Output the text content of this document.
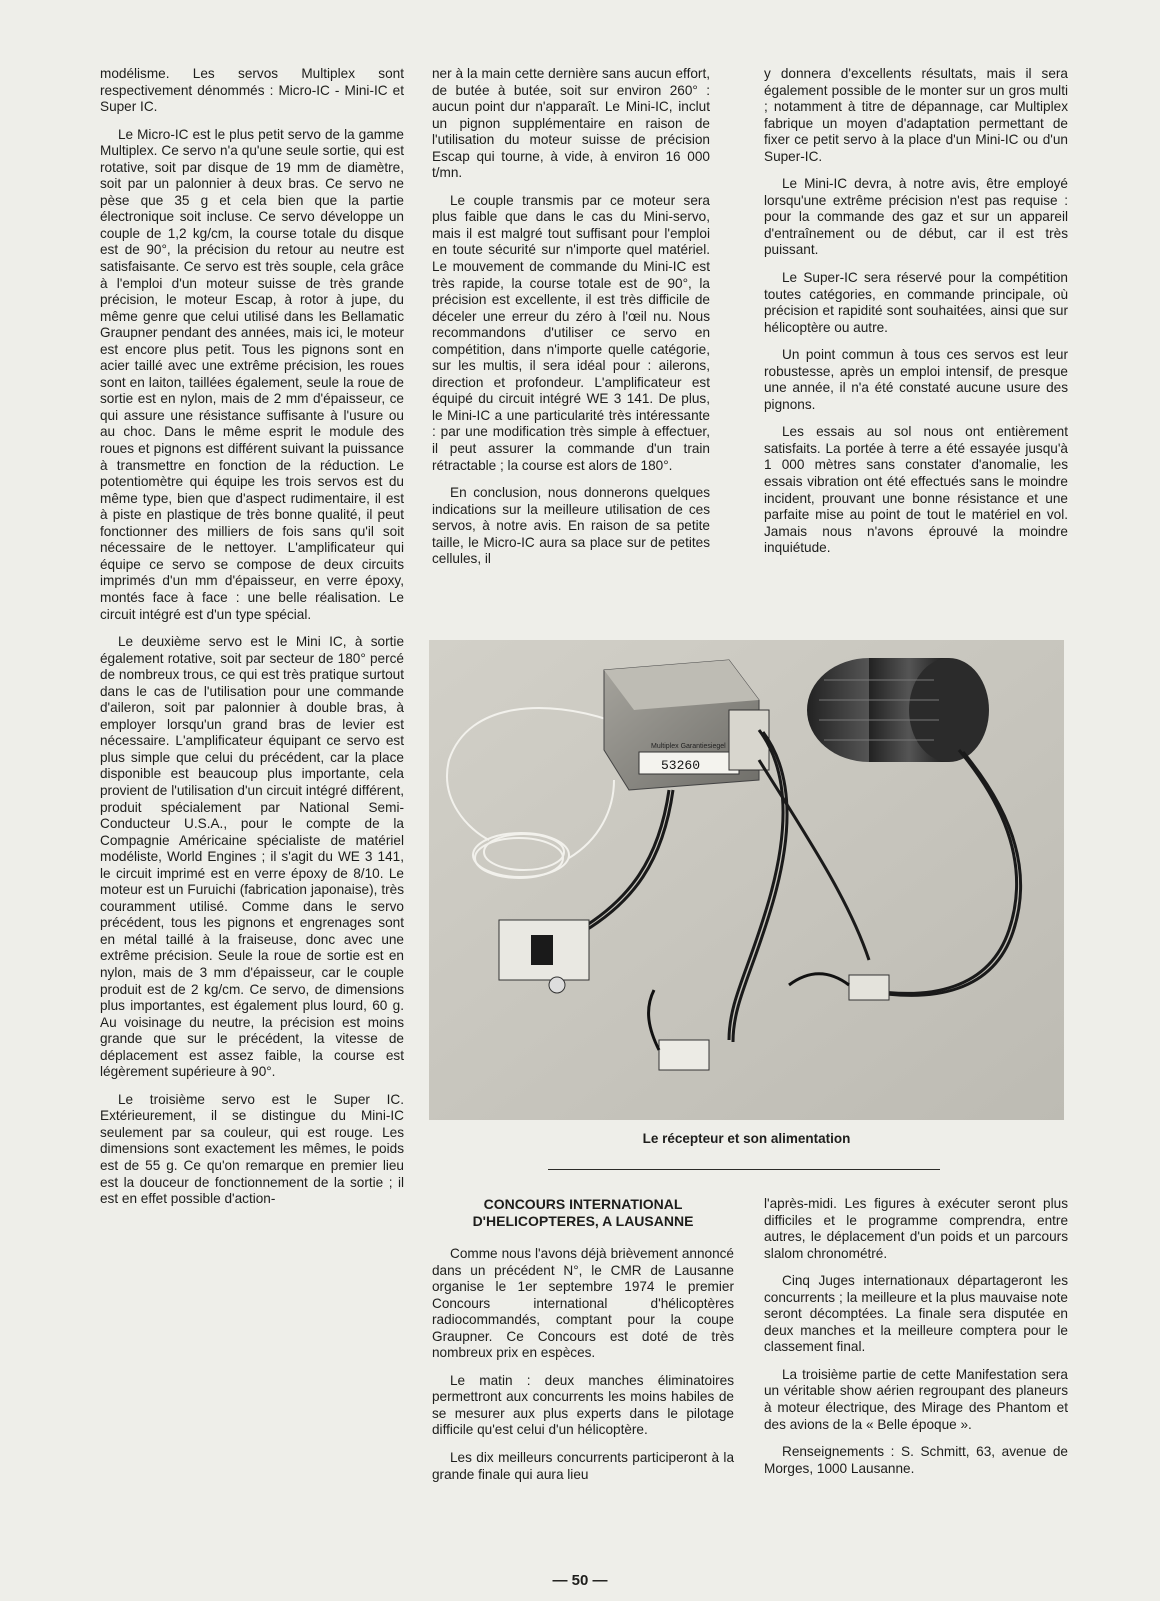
modélisme. Les servos Multiplex sont respectivement dénommés : Micro-IC - Mini-IC et Super IC.

Le Micro-IC est le plus petit servo de la gamme Multiplex. Ce servo n'a qu'une seule sortie, qui est rotative, soit par disque de 19 mm de diamètre, soit par un palonnier à deux bras. Ce servo ne pèse que 35 g et cela bien que la partie électronique soit incluse. Ce servo développe un couple de 1,2 kg/cm, la course totale du disque est de 90°, la précision du retour au neutre est satisfaisante. Ce servo est très souple, cela grâce à l'emploi d'un moteur suisse de très grande précision, le moteur Escap, à rotor à jupe, du même genre que celui utilisé dans les Bellamatic Graupner pendant des années, mais ici, le moteur est encore plus petit. Tous les pignons sont en acier taillé avec une extrême précision, les roues sont en laiton, taillées également, seule la roue de sortie est en nylon, mais de 2 mm d'épaisseur, ce qui assure une résistance suffisante à l'usure ou au choc. Dans le même esprit le module des roues et pignons est différent suivant la puissance à transmettre en fonction de la réduction. Le potentiomètre qui équipe les trois servos est du même type, bien que d'aspect rudimentaire, il est à piste en plastique de très bonne qualité, il peut fonctionner des milliers de fois sans qu'il soit nécessaire de le nettoyer. L'amplificateur qui équipe ce servo se compose de deux circuits imprimés d'un mm d'épaisseur, en verre époxy, montés face à face : une belle réalisation. Le circuit intégré est d'un type spécial.

Le deuxième servo est le Mini IC, à sortie également rotative, soit par secteur de 180° percé de nombreux trous, ce qui est très pratique surtout dans le cas de l'utilisation pour une commande d'aileron, soit par palonnier à double bras, à employer lorsqu'un grand bras de levier est nécessaire. L'amplificateur équipant ce servo est plus simple que celui du précédent, car la place disponible est beaucoup plus importante, cela provient de l'utilisation d'un circuit intégré différent, produit spécialement par National Semi-Conducteur U.S.A., pour le compte de la Compagnie Américaine spécialiste de matériel modéliste, World Engines ; il s'agit du WE 3 141, le circuit imprimé est en verre époxy de 8/10. Le moteur est un Furuichi (fabrication japonaise), très couramment utilisé. Comme dans le servo précédent, tous les pignons et engrenages sont en métal taillé à la fraiseuse, donc avec une extrême précision. Seule la roue de sortie est en nylon, mais de 3 mm d'épaisseur, car le couple produit est de 2 kg/cm. Ce servo, de dimensions plus importantes, est également plus lourd, 60 g. Au voisinage du neutre, la précision est moins grande que sur le précédent, la vitesse de déplacement est assez faible, la course est légèrement supérieure à 90°.

Le troisième servo est le Super IC. Extérieurement, il se distingue du Mini-IC seulement par sa couleur, qui est rouge. Les dimensions sont exactement les mêmes, le poids est de 55 g. Ce qu'on remarque en premier lieu est la douceur de fonctionnement de la sortie ; il est en effet possible d'action-

ner à la main cette dernière sans aucun effort, de butée à butée, soit sur environ 260° : aucun point dur n'apparaît. Le Mini-IC, inclut un pignon supplémentaire en raison de l'utilisation du moteur suisse de précision Escap qui tourne, à vide, à environ 16 000 t/mn.

Le couple transmis par ce moteur sera plus faible que dans le cas du Mini-servo, mais il est malgré tout suffisant pour l'emploi en toute sécurité sur n'importe quel matériel. Le mouvement de commande du Mini-IC est très rapide, la course totale est de 90°, la précision est excellente, il est très difficile de déceler une erreur du zéro à l'œil nu. Nous recommandons d'utiliser ce servo en compétition, dans n'importe quelle catégorie, sur les multis, il sera idéal pour : ailerons, direction et profondeur. L'amplificateur est équipé du circuit intégré WE 3 141. De plus, le Mini-IC a une particularité très intéressante : par une modification très simple à effectuer, il peut assurer la commande d'un train rétractable ; la course est alors de 180°.

En conclusion, nous donnerons quelques indications sur la meilleure utilisation de ces servos, à notre avis. En raison de sa petite taille, le Micro-IC aura sa place sur de petites cellules, il

y donnera d'excellents résultats, mais il sera également possible de le monter sur un gros multi ; notamment à titre de dépannage, car Multiplex fabrique un moyen d'adaptation permettant de fixer ce petit servo à la place d'un Mini-IC ou d'un Super-IC.

Le Mini-IC devra, à notre avis, être employé lorsqu'une extrême précision n'est pas requise : pour la commande des gaz et sur un appareil d'entraînement ou de début, car il est très puissant.

Le Super-IC sera réservé pour la compétition toutes catégories, en commande principale, où précision et rapidité sont souhaitées, ainsi que sur hélicoptère ou autre.

Un point commun à tous ces servos est leur robustesse, après un emploi intensif, de presque une année, il n'a été constaté aucune usure des pignons.

Les essais au sol nous ont entièrement satisfaits. La portée à terre a été essayée jusqu'à 1 000 mètres sans constater d'anomalie, les essais vibration ont été effectués sans le moindre incident, prouvant une bonne résistance et une parfaite mise au point de tout le matériel en vol. Jamais nous n'avons éprouvé la moindre inquiétude.

Multiplex Garantiesiegel
53260
Le récepteur et son alimentation
CONCOURS INTERNATIONAL
D'HELICOPTERES, A LAUSANNE

Comme nous l'avons déjà brièvement annoncé dans un précédent N°, le CMR de Lausanne organise le 1er septembre 1974 le premier Concours international d'hélicoptères radiocommandés, comptant pour la coupe Graupner. Ce Concours est doté de très nombreux prix en espèces.

Le matin : deux manches éliminatoires permettront aux concurrents les moins habiles de se mesurer aux plus experts dans le pilotage difficile qu'est celui d'un hélicoptère.

Les dix meilleurs concurrents participeront à la grande finale qui aura lieu

l'après-midi. Les figures à exécuter seront plus difficiles et le programme comprendra, entre autres, le déplacement d'un poids et un parcours slalom chronométré.

Cinq Juges internationaux départageront les concurrents ; la meilleure et la plus mauvaise note seront décomptées. La finale sera disputée en deux manches et la meilleure comptera pour le classement final.

La troisième partie de cette Manifestation sera un véritable show aérien regroupant des planeurs à moteur électrique, des Mirage des Phantom et des avions de la « Belle époque ».

Renseignements : S. Schmitt, 63, avenue de Morges, 1000 Lausanne.

— 50 —
